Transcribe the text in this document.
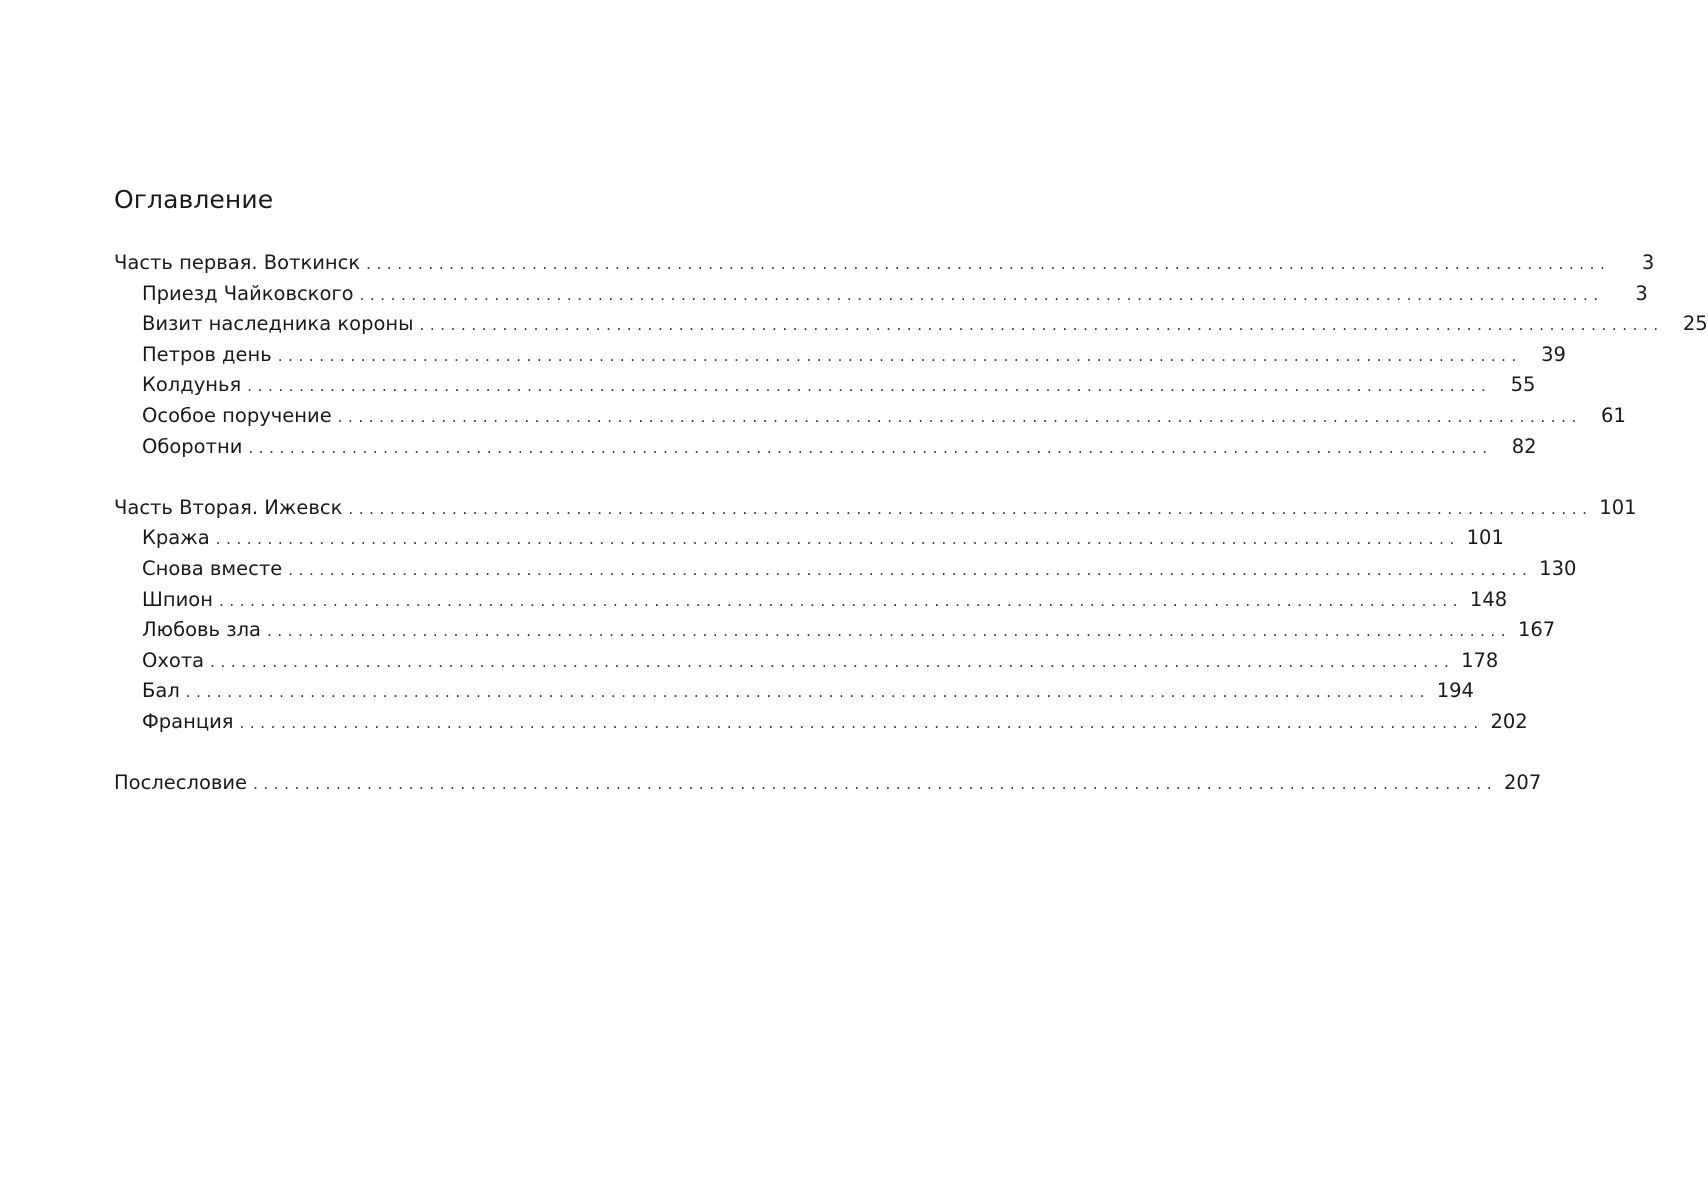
Оглавление
Часть первая. Воткинск ........................................................................................................................	3
Приезд Чайковского ........................................................................................................................	3
Визит наследника короны ........................................................................................................................ 25
Петров день ........................................................................................................................ 39
Колдунья ........................................................................................................................ 55
Особое поручение ........................................................................................................................ 61
Оборотни ........................................................................................................................ 82
Часть Вторая. Ижевск ........................................................................................................................ 101
Кража ........................................................................................................................ 101
Снова вместе ........................................................................................................................ 130
Шпион ........................................................................................................................ 148
Любовь зла ........................................................................................................................ 167
Охота ........................................................................................................................ 178
Бал ........................................................................................................................ 194
Франция ........................................................................................................................ 202
Послесловие ........................................................................................................................ 207
